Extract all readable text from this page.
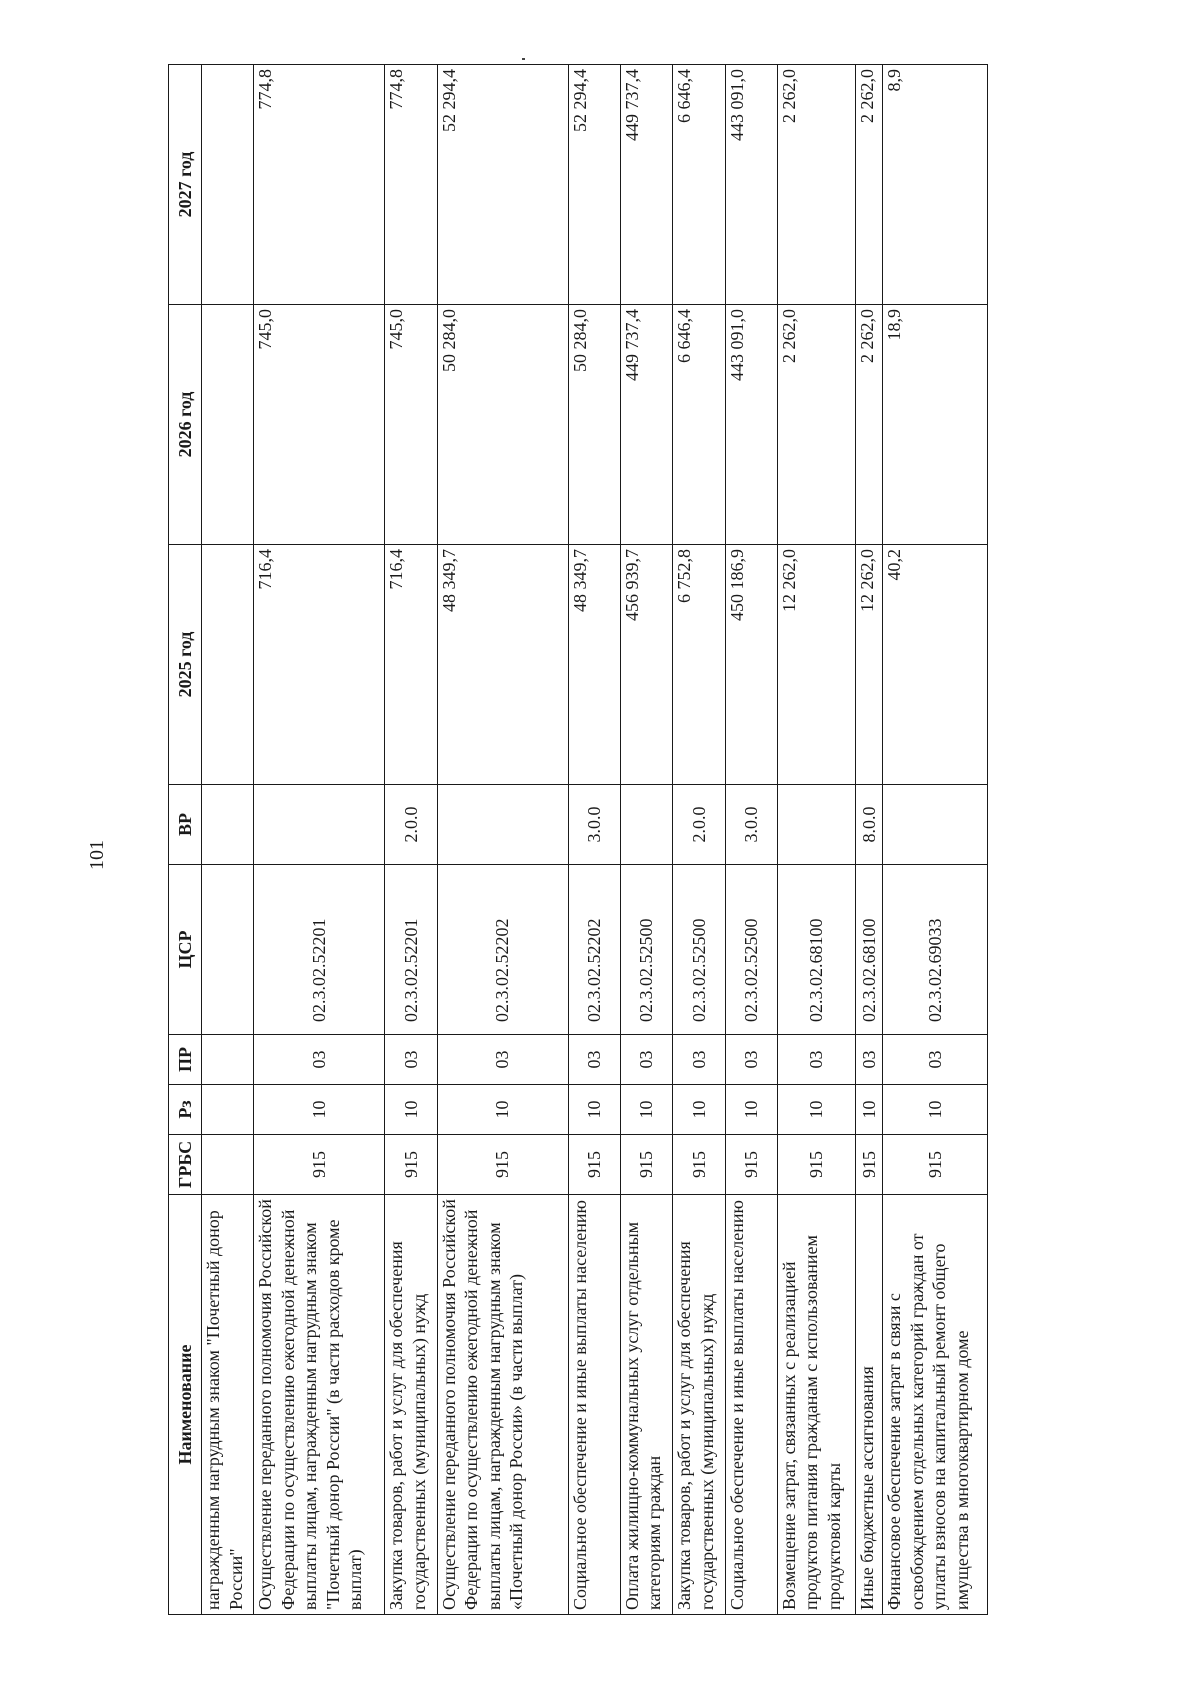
101
Наименование	ГРБС	Рз	ПР	ЦСР	ВР	2025 год	2026 год	2027 год
награжденным нагрудным знаком "Почетный донор России"								
Осуществление переданного полномочия Российской Федерации по осуществлению ежегодной денежной выплаты лицам, награжденным нагрудным знаком "Почетный донор России" (в части расходов кроме выплат)	915	10	03	02.3.02.52201		716,4	745,0	774,8
Закупка товаров, работ и услуг для обеспечения государственных (муниципальных) нужд	915	10	03	02.3.02.52201	2.0.0	716,4	745,0	774,8
Осуществление переданного полномочия Российской Федерации по осуществлению ежегодной денежной выплаты лицам, награжденным нагрудным знаком «Почетный донор России» (в части выплат)	915	10	03	02.3.02.52202		48 349,7	50 284,0	52 294,4
Социальное обеспечение и иные выплаты населению	915	10	03	02.3.02.52202	3.0.0	48 349,7	50 284,0	52 294,4
Оплата жилищно-коммунальных услуг отдельным категориям граждан	915	10	03	02.3.02.52500		456 939,7	449 737,4	449 737,4
Закупка товаров, работ и услуг для обеспечения государственных (муниципальных) нужд	915	10	03	02.3.02.52500	2.0.0	6 752,8	6 646,4	6 646,4
Социальное обеспечение и иные выплаты населению	915	10	03	02.3.02.52500	3.0.0	450 186,9	443 091,0	443 091,0
Возмещение затрат, связанных с реализацией продуктов питания гражданам с использованием продуктовой карты	915	10	03	02.3.02.68100		12 262,0	2 262,0	2 262,0
Иные бюджетные ассигнования	915	10	03	02.3.02.68100	8.0.0	12 262,0	2 262,0	2 262,0
Финансовое обеспечение затрат в связи с освобождением отдельных категорий граждан от уплаты взносов на капитальный ремонт общего имущества в многоквартирном доме	915	10	03	02.3.02.69033		40,2	18,9	8,9
